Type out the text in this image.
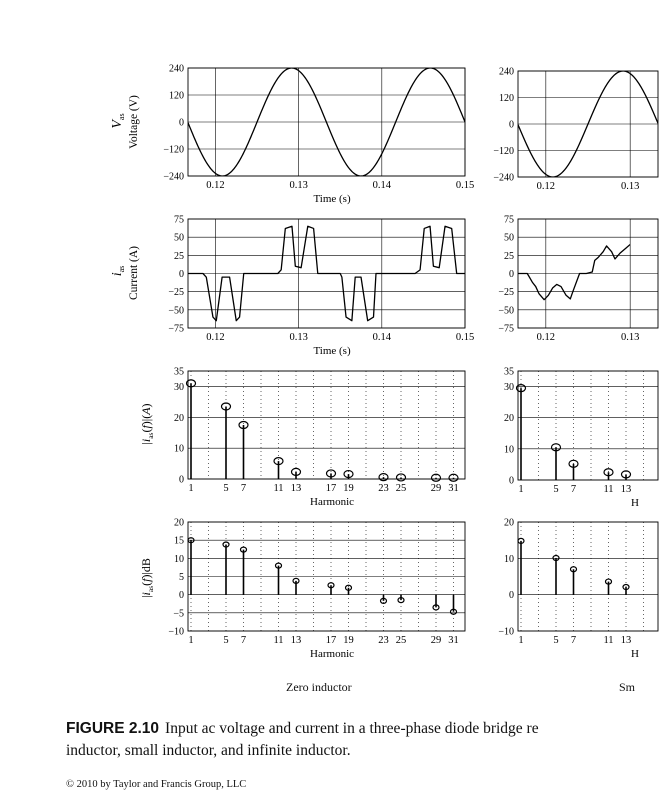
240
120
0
−120
−240
0.12	0.13	0.14	0.15
Time (s)
75
50
25
0
−25
−50
−75
0.12	0.13	0.14	0.15
Time (s)
35
30
20
10
0
1	5 7	11 13 17 19 23 25 29 31
Harmonic
20
15
10
5
0
−5
−10
1	5 7	11 13 17 19 23 25 29 31
Harmonic
240
120
0
−120
−240
0.12	0.13
75
50
25
0
−25
−50
−75
0.12	0.13
35
30
20
10
0
1	5 7	11 13
H
20
10
0
−10
1	5 7	11 13
H
Vas Voltage (V)
ias Current (A)
|ias(f)|(A)
|ias(f)|dB
Zero inductor	Sm
FIGURE 2.10 Input ac voltage and current in a three-phase diode bridge re
inductor, small inductor, and infinite inductor.
© 2010 by Taylor and Francis Group, LLC
